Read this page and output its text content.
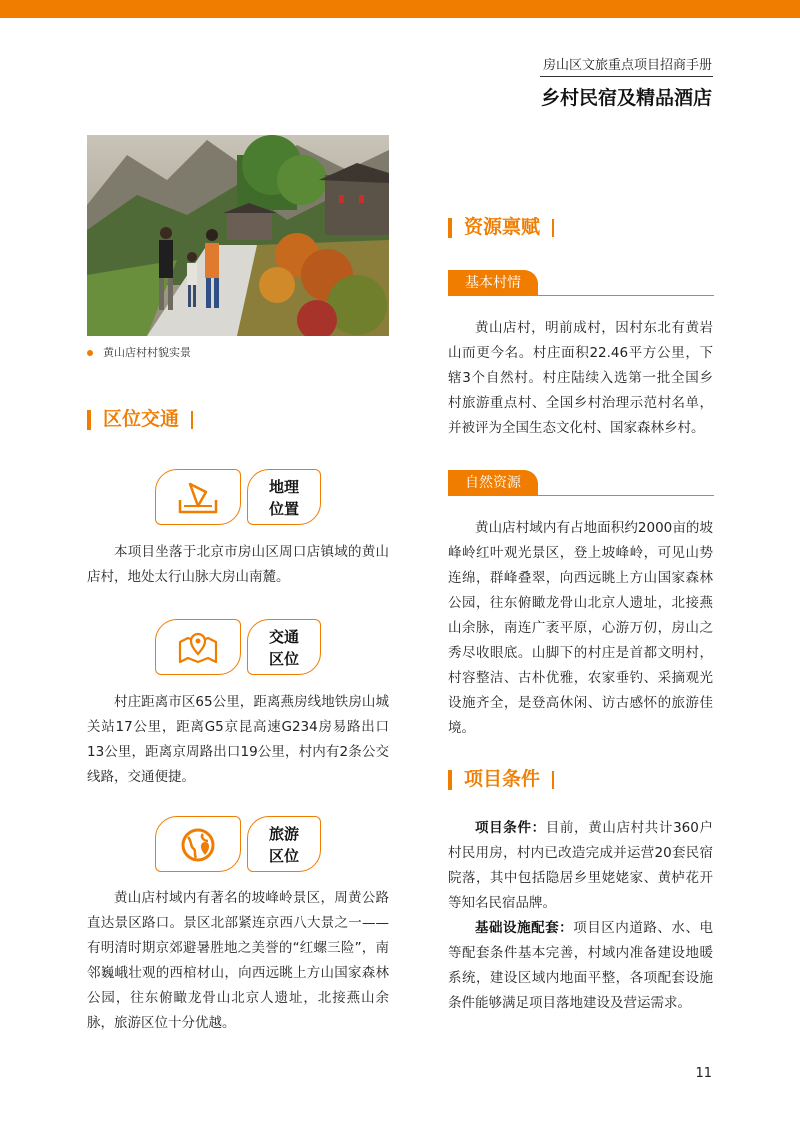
房山区文旅重点项目招商手册
乡村民宿及精品酒店
黄山店村村貌实景
区位交通
地理
位置

本项目坐落于北京市房山区周口店镇域的黄山店村，地处太行山脉大房山南麓。

交通
区位

村庄距离市区65公里，距离燕房线地铁房山城关站17公里，距离G5京昆高速G234房易路出口13公里，距离京周路出口19公里，村内有2条公交线路，交通便捷。

旅游
区位

黄山店村域内有著名的坡峰岭景区，周黄公路直达景区路口。景区北部紧连京西八大景之一——有明清时期京郊避暑胜地之美誉的“红螺三险”，南邻巍峨壮观的西棺材山，向西远眺上方山国家森林公园，往东俯瞰龙骨山北京人遗址，北接燕山余脉，旅游区位十分优越。

资源禀赋
基本村情

黄山店村，明前成村，因村东北有黄岩山而更今名。村庄面积22.46平方公里，下辖3个自然村。村庄陆续入选第一批全国乡村旅游重点村、全国乡村治理示范村名单，并被评为全国生态文化村、国家森林乡村。

自然资源

黄山店村域内有占地面积约2000亩的坡峰岭红叶观光景区，登上坡峰岭，可见山势连绵，群峰叠翠，向西远眺上方山国家森林公园，往东俯瞰龙骨山北京人遗址，北接燕山余脉，南连广袤平原，心游万仞，房山之秀尽收眼底。山脚下的村庄是首都文明村，村容整洁、古朴优雅，农家垂钓、采摘观光设施齐全，是登高休闲、访古感怀的旅游佳境。

项目条件

项目条件：目前，黄山店村共计360户村民用房，村内已改造完成并运营20套民宿院落，其中包括隐居乡里姥姥家、黄栌花开等知名民宿品牌。

基础设施配套：项目区内道路、水、电等配套条件基本完善，村域内准备建设地暖系统，建设区域内地面平整，各项配套设施条件能够满足项目落地建设及营运需求。

11
